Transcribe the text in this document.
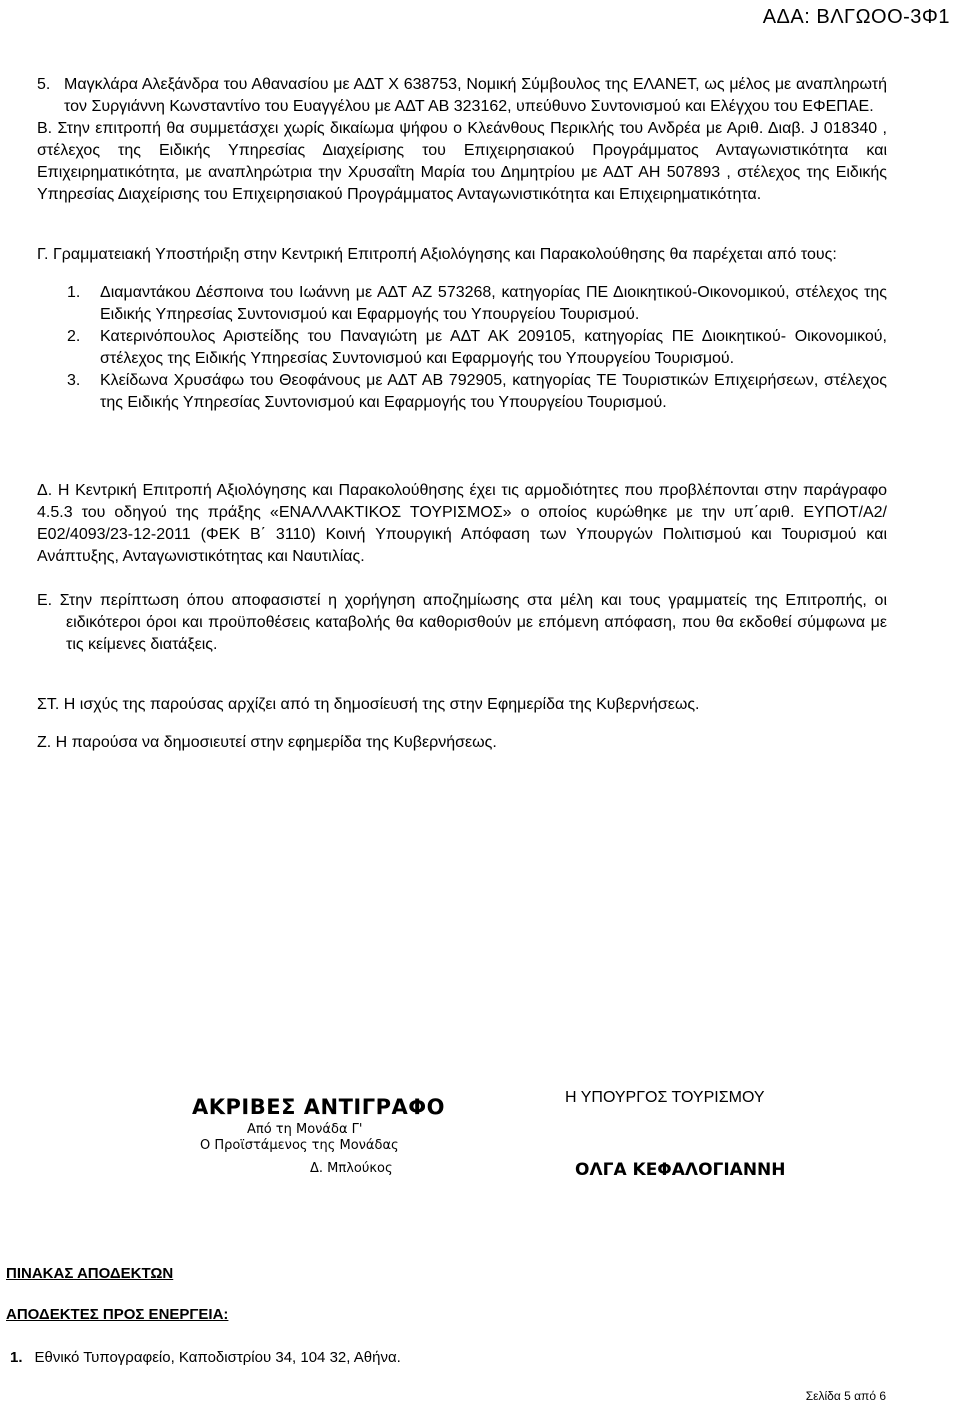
ΑΔΑ: ΒΛΓΩΟΟ-3Φ1
5. Μαγκλάρα Αλεξάνδρα του Αθανασίου με ΑΔΤ Χ 638753, Νομική Σύμβουλος της ΕΛΑΝΕΤ, ως μέλος με αναπληρωτή τον Συργιάννη Κωνσταντίνο του Ευαγγέλου με ΑΔΤ ΑΒ 323162, υπεύθυνο Συντονισμού και Ελέγχου του ΕΦΕΠΑΕ.

Β. Στην επιτροπή θα συμμετάσχει χωρίς δικαίωμα ψήφου ο Κλεάνθους Περικλής του Ανδρέα με Αριθ. Διαβ. J 018340 , στέλεχος της Ειδικής Υπηρεσίας Διαχείρισης του Επιχειρησιακού Προγράμματος Ανταγωνιστικότητα και Επιχειρηματικότητα, με αναπληρώτρια την Χρυσαΐτη Μαρία του Δημητρίου με ΑΔΤ ΑΗ 507893 , στέλεχος της Ειδικής Υπηρεσίας Διαχείρισης του Επιχειρησιακού Προγράμματος Ανταγωνιστικότητα και Επιχειρηματικότητα.

Γ. Γραμματειακή Υποστήριξη στην Κεντρική Επιτροπή Αξιολόγησης και Παρακολούθησης θα παρέχεται από τους:

1. Διαμαντάκου Δέσποινα του Ιωάννη με ΑΔΤ ΑΖ 573268, κατηγορίας ΠΕ Διοικητικού-Οικονομικού, στέλεχος της Ειδικής Υπηρεσίας Συντονισμού και Εφαρμογής του Υπουργείου Τουρισμού.
2. Κατερινόπουλος Αριστείδης του Παναγιώτη με ΑΔΤ ΑΚ 209105, κατηγορίας ΠΕ Διοικητικού- Οικονομικού, στέλεχος της Ειδικής Υπηρεσίας Συντονισμού και Εφαρμογής του Υπουργείου Τουρισμού.
3. Κλείδωνα Χρυσάφω του Θεοφάνους με ΑΔΤ ΑΒ 792905, κατηγορίας ΤΕ Τουριστικών Επιχειρήσεων, στέλεχος της Ειδικής Υπηρεσίας Συντονισμού και Εφαρμογής του Υπουργείου Τουρισμού.

Δ. Η Κεντρική Επιτροπή Αξιολόγησης και Παρακολούθησης έχει τις αρμοδιότητες που προβλέπονται στην παράγραφο 4.5.3 του οδηγού της πράξης «ΕΝΑΛΛΑΚΤΙΚΟΣ ΤΟΥΡΙΣΜΟΣ» ο οποίος κυρώθηκε με την υπ΄αριθ. ΕΥΠΟΤ/Α2/Ε02/4093/23-12-2011 (ΦΕΚ Β΄ 3110) Κοινή Υπουργική Απόφαση των Υπουργών Πολιτισμού και Τουρισμού και Ανάπτυξης, Ανταγωνιστικότητας και Ναυτιλίας.

Ε. Στην περίπτωση όπου αποφασιστεί η χορήγηση αποζημίωσης στα μέλη και τους γραμματείς της Επιτροπής, οι ειδικότεροι όροι και προϋποθέσεις καταβολής θα καθορισθούν με επόμενη απόφαση, που θα εκδοθεί σύμφωνα με τις κείμενες διατάξεις.

ΣΤ. Η ισχύς της παρούσας αρχίζει από τη δημοσίευσή της στην Εφημερίδα της Κυβερνήσεως.

Ζ. Η παρούσα να δημοσιευτεί στην εφημερίδα της Κυβερνήσεως.

ΑΚΡΙΒΕΣ ΑΝΤΙΓΡΑΦΟ
Από τη Μονάδα Γ'
Ο Προϊστάμενος της Μονάδας
Δ. Μπλούκος
Η ΥΠΟΥΡΓΟΣ ΤΟΥΡΙΣΜΟΥ
ΟΛΓΑ ΚΕΦΑΛΟΓΙΑΝΝΗ
ΠΙΝΑΚΑΣ ΑΠΟΔΕΚΤΩΝ
ΑΠΟΔΕΚΤΕΣ ΠΡΟΣ ΕΝΕΡΓΕΙΑ:
1. Εθνικό Τυπογραφείο, Καποδιστρίου 34, 104 32, Αθήνα.
Σελίδα 5 από 6
